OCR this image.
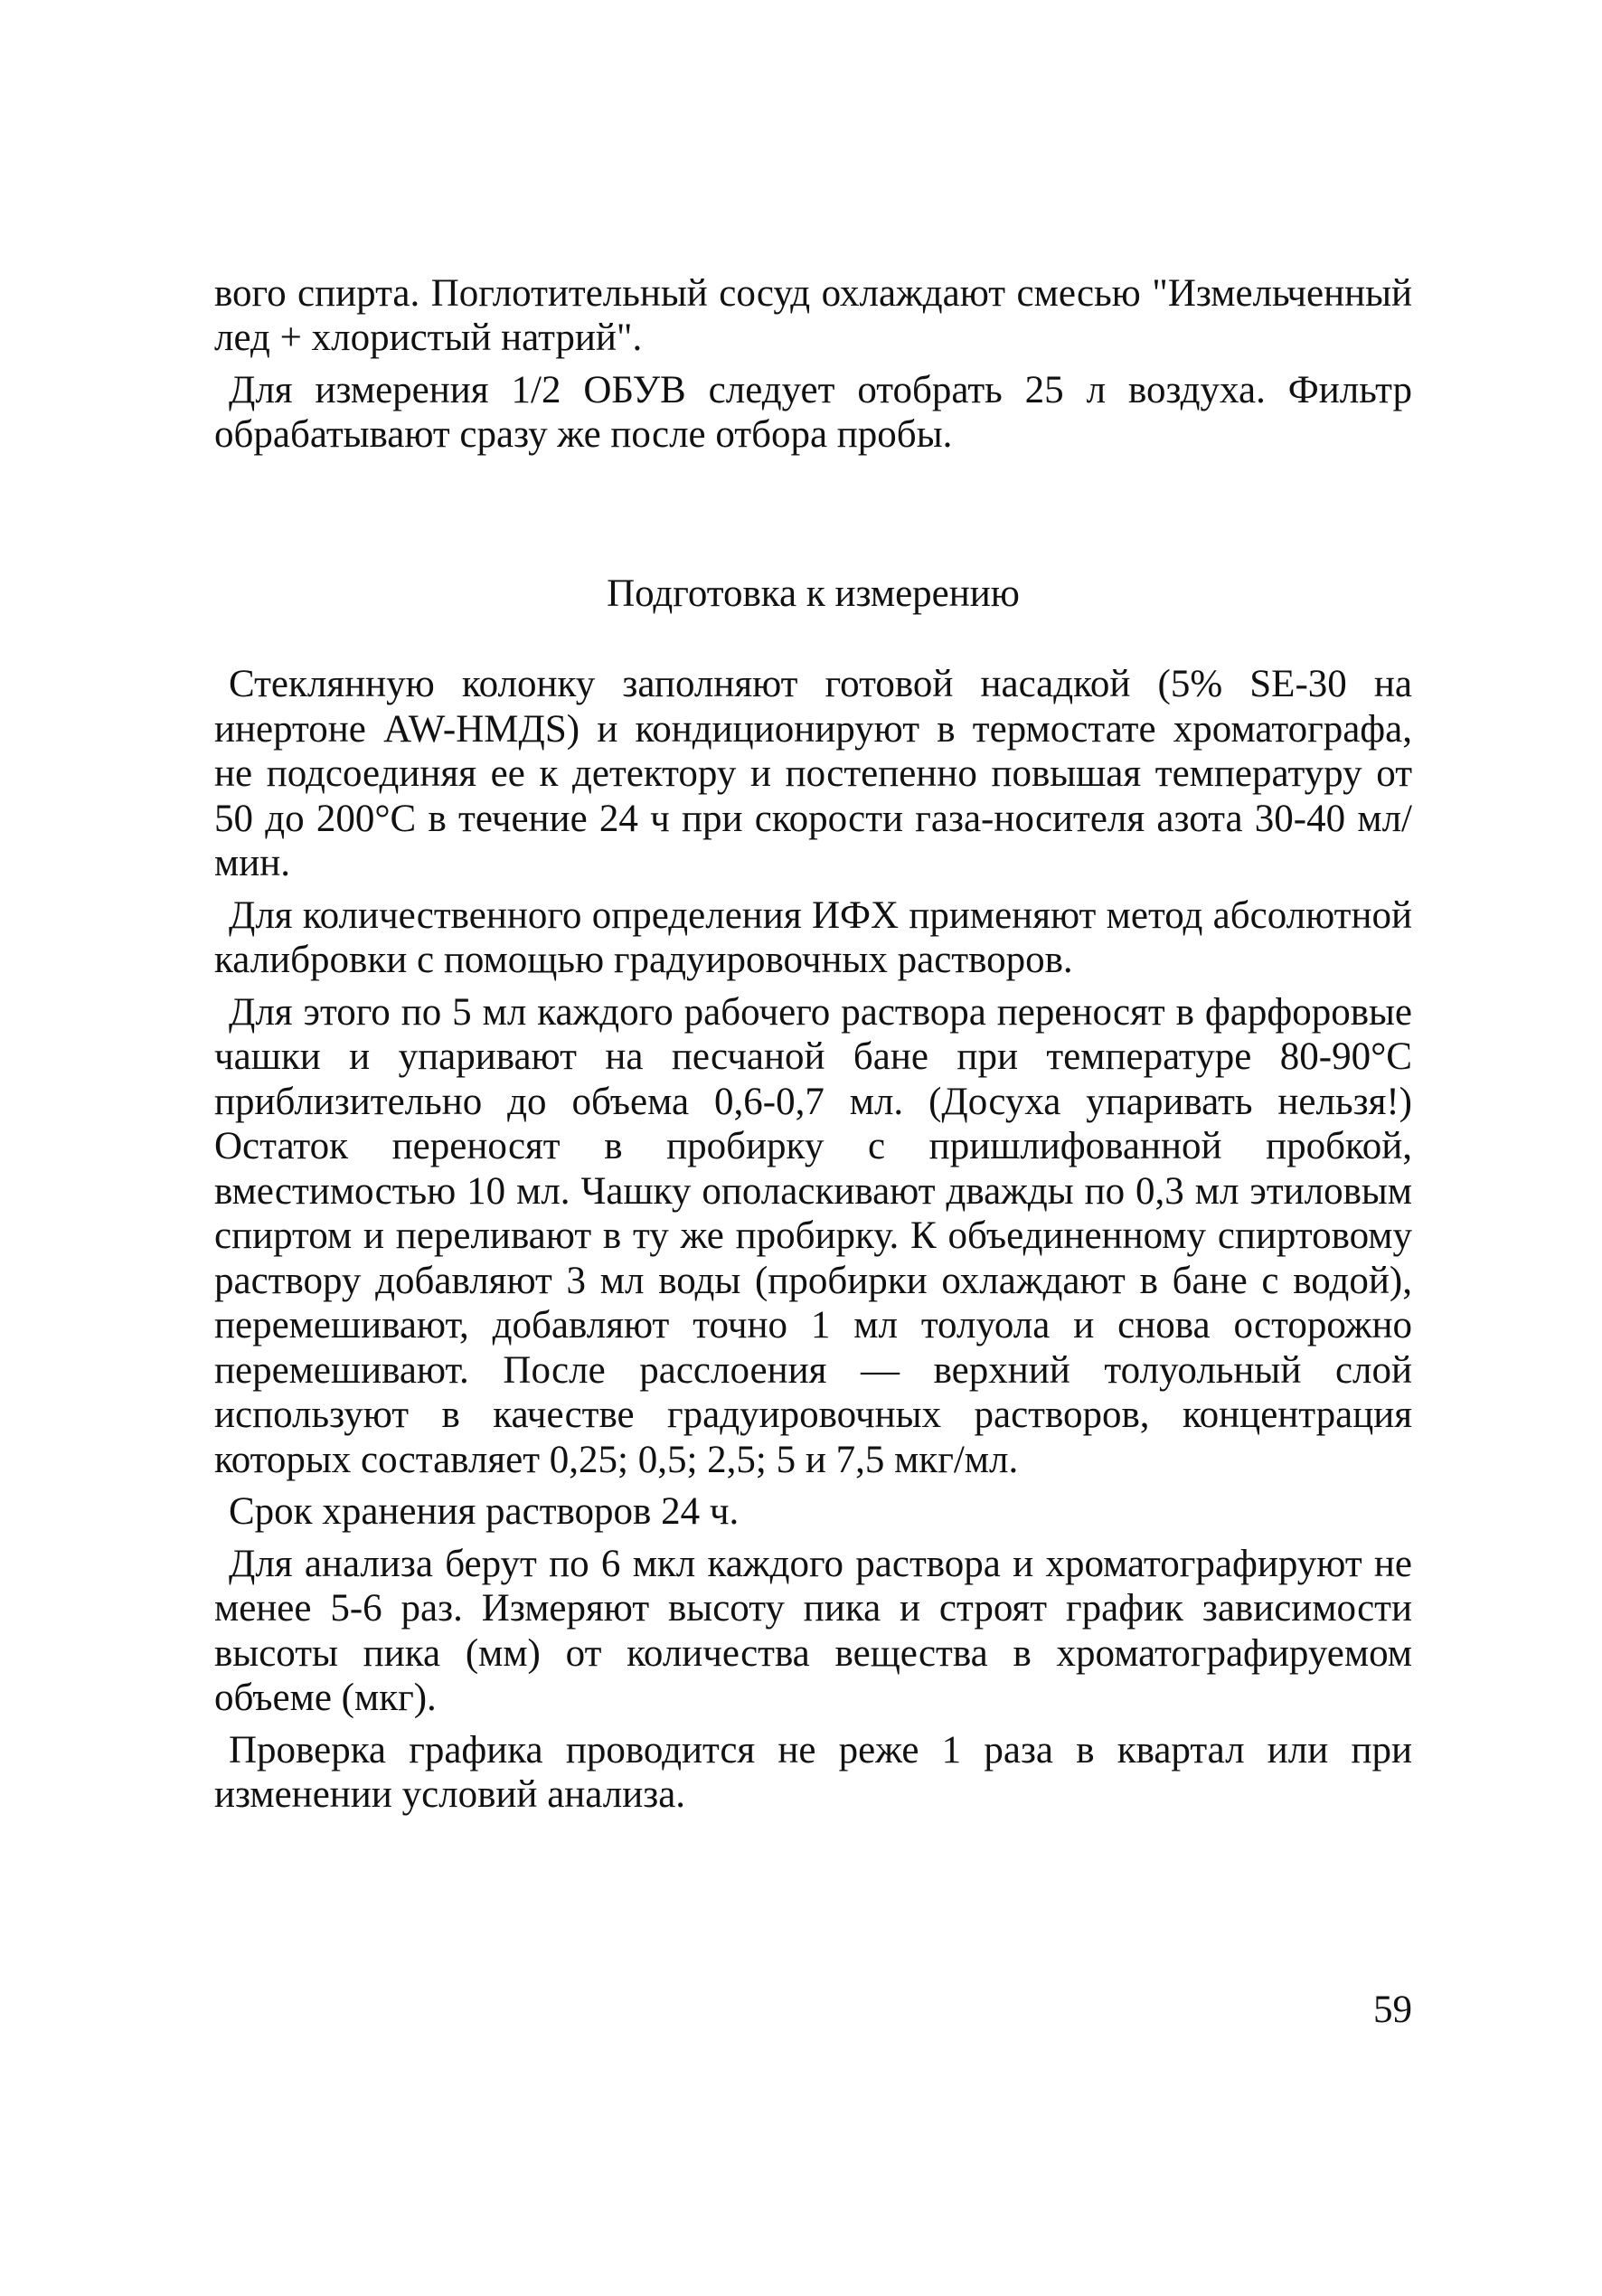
вого спирта. Поглотительный сосуд охлаждают смесью "Измельченный лед + хлористый натрий".

Для измерения 1/2 ОБУВ следует отобрать 25 л воздуха. Фильтр обрабатывают сразу же после отбора пробы.

Подготовка к измерению

Стеклянную колонку заполняют готовой насадкой (5% SE-30 на инертоне AW-HMДS) и кондиционируют в термостате хроматографа, не подсоединяя ее к детектору и постепенно повышая температуру от 50 до 200°С в течение 24 ч при скорости газа-носителя азота 30-40 мл/мин.

Для количественного определения ИФХ применяют метод абсолютной калибровки с помощью градуировочных растворов.

Для этого по 5 мл каждого рабочего раствора переносят в фарфоровые чашки и упаривают на песчаной бане при температуре 80-90°С приблизительно до объема 0,6-0,7 мл. (Досуха упаривать нельзя!) Остаток переносят в пробирку с пришлифованной пробкой, вместимостью 10 мл. Чашку ополаскивают дважды по 0,3 мл этиловым спиртом и переливают в ту же пробирку. К объединенному спиртовому раствору добавляют 3 мл воды (пробирки охлаждают в бане с водой), перемешивают, добавляют точно 1 мл толуола и снова осторожно перемешивают. После расслоения — верхний толуольный слой используют в качестве градуировочных растворов, концентрация которых составляет 0,25; 0,5; 2,5; 5 и 7,5 мкг/мл.

Срок хранения растворов 24 ч.

Для анализа берут по 6 мкл каждого раствора и хроматографируют не менее 5-6 раз. Измеряют высоту пика и строят график зависимости высоты пика (мм) от количества вещества в хроматографируемом объеме (мкг).

Проверка графика проводится не реже 1 раза в квартал или при изменении условий анализа.

59
